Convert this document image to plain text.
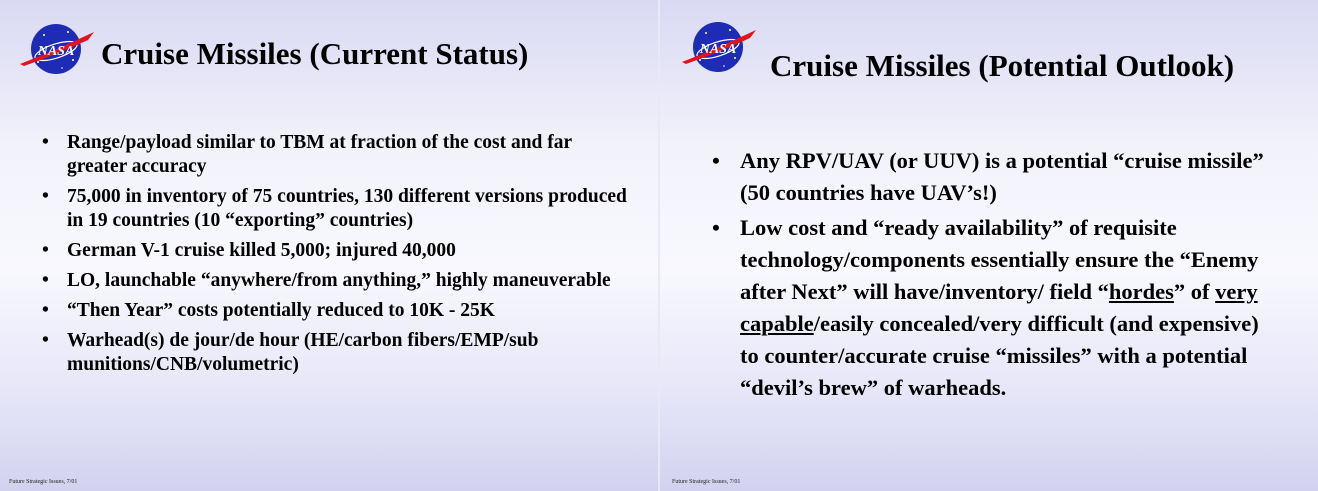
NASA Cruise Missiles (Current Status)
• Range/payload similar to TBM at fraction of the cost and far greater accuracy
• 75,000 in inventory of 75 countries, 130 different versions produced in 19 countries (10 “exporting” countries)
• German V-1 cruise killed 5,000; injured 40,000
• LO, launchable “anywhere/from anything,” highly maneuverable
• “Then Year” costs potentially reduced to 10K - 25K
• Warhead(s) de jour/de hour (HE/carbon fibers/EMP/sub munitions/CNB/volumetric)
Future Strategic Issues, 7/01
NASA Cruise Missiles (Potential Outlook)
• Any RPV/UAV (or UUV) is a potential “cruise missile” (50 countries have UAV’s!)
• Low cost and “ready availability” of requisite technology/components essentially ensure the “Enemy after Next” will have/inventory/ field “hordes” of very capable/easily concealed/very difficult (and expensive) to counter/accurate cruise “missiles” with a potential “devil’s brew” of warheads.
Future Strategic Issues, 7/01
